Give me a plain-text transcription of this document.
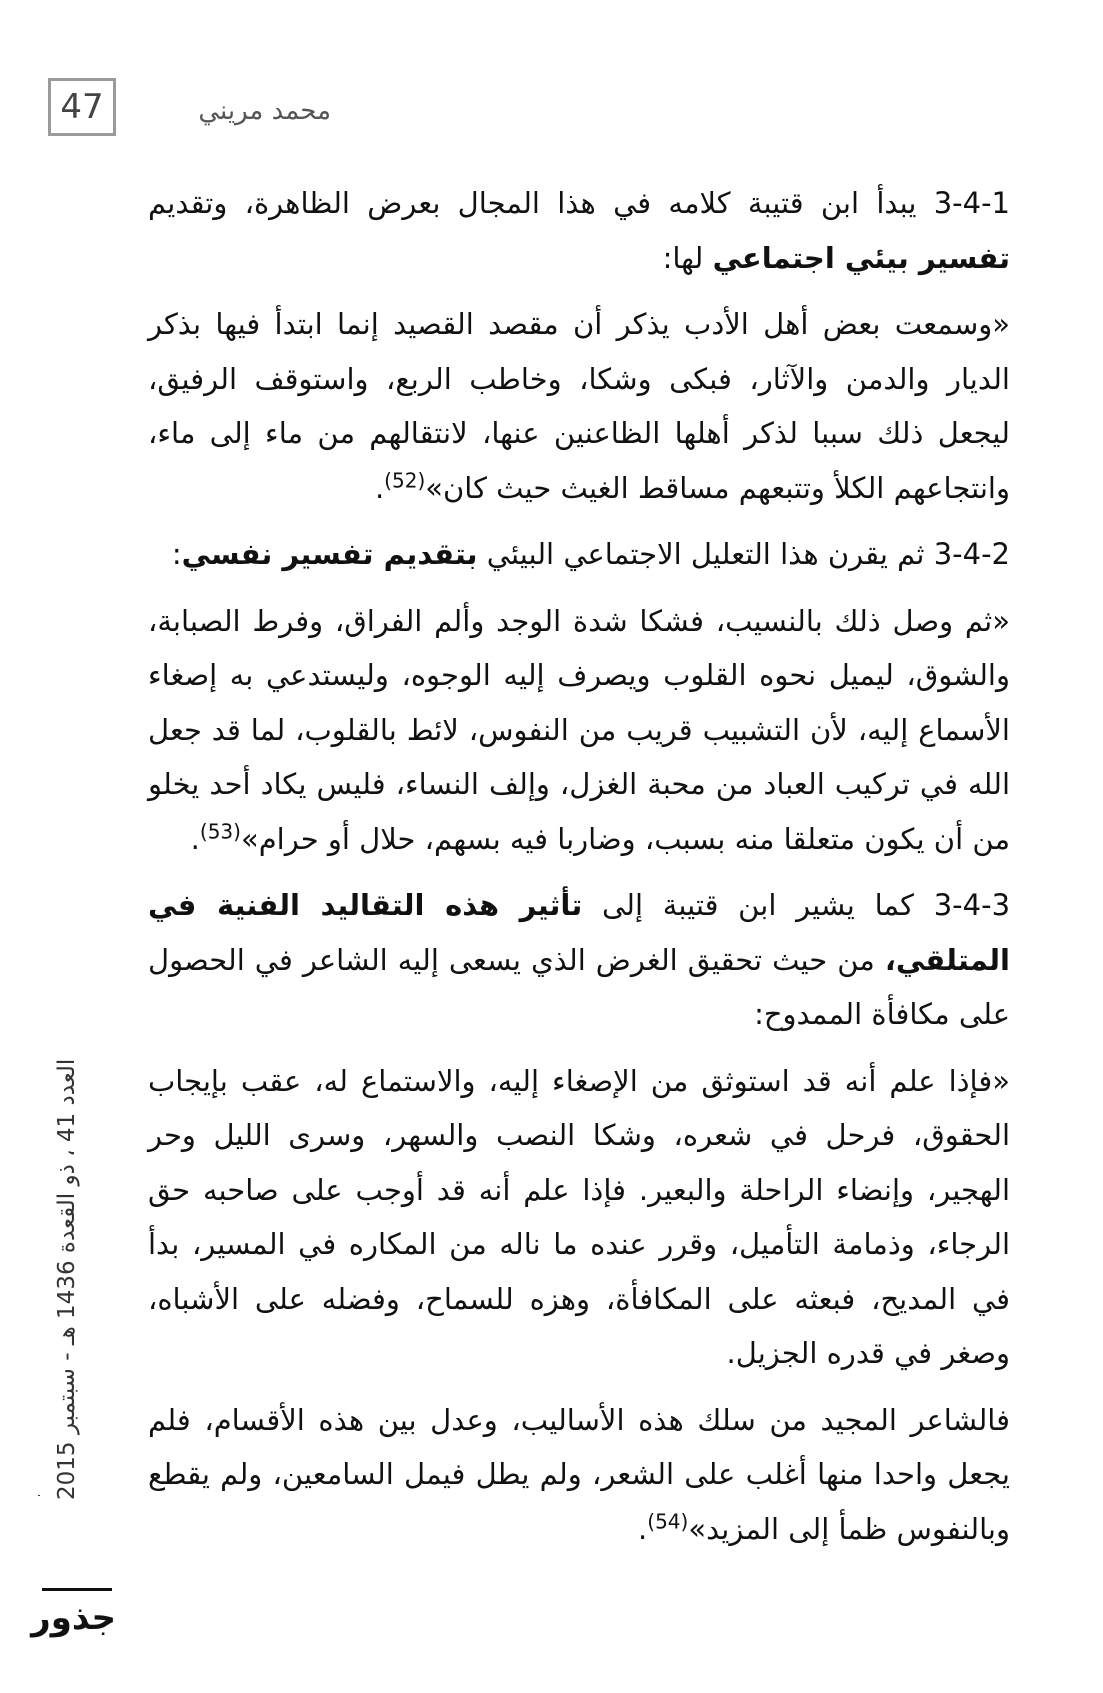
47	محمد مريني
العدد 41 ، ذو القعدة 1436 هـ - سبتمبر 2015
جذور

3-4-1 يبدأ ابن قتيبة كلامه في هذا المجال بعرض الظاهرة، وتقديم تفسير بيئي اجتماعي لها:

«وسمعت بعض أهل الأدب يذكر أن مقصد القصيد إنما ابتدأ فيها بذكر الديار والدمن والآثار، فبكى وشكا، وخاطب الربع، واستوقف الرفيق، ليجعل ذلك سببا لذكر أهلها الظاعنين عنها، لانتقالهم من ماء إلى ماء، وانتجاعهم الكلأ وتتبعهم مساقط الغيث حيث كان»$^{(52)}$.

3-4-2 ثم يقرن هذا التعليل الاجتماعي البيئي بتقديم تفسير نفسي:

«ثم وصل ذلك بالنسيب، فشكا شدة الوجد وألم الفراق، وفرط الصبابة، والشوق، ليميل نحوه القلوب ويصرف إليه الوجوه، وليستدعي به إصغاء الأسماع إليه، لأن التشبيب قريب من النفوس، لائط بالقلوب، لما قد جعل الله في تركيب العباد من محبة الغزل، وإلف النساء، فليس يكاد أحد يخلو من أن يكون متعلقا منه بسبب، وضاربا فيه بسهم، حلال أو حرام»$^{(53)}$.

3-4-3 كما يشير ابن قتيبة إلى تأثير هذه التقاليد الفنية في المتلقي، من حيث تحقيق الغرض الذي يسعى إليه الشاعر في الحصول على مكافأة الممدوح:

«فإذا علم أنه قد استوثق من الإصغاء إليه، والاستماع له، عقب بإيجاب الحقوق، فرحل في شعره، وشكا النصب والسهر، وسرى الليل وحر الهجير، وإنضاء الراحلة والبعير. فإذا علم أنه قد أوجب على صاحبه حق الرجاء، وذمامة التأميل، وقرر عنده ما ناله من المكاره في المسير، بدأ في المديح، فبعثه على المكافأة، وهزه للسماح، وفضله على الأشباه، وصغر في قدره الجزيل.

فالشاعر المجيد من سلك هذه الأساليب، وعدل بين هذه الأقسام، فلم يجعل واحدا منها أغلب على الشعر، ولم يطل فيمل السامعين، ولم يقطع وبالنفوس ظمأ إلى المزيد»$^{(54)}$.
